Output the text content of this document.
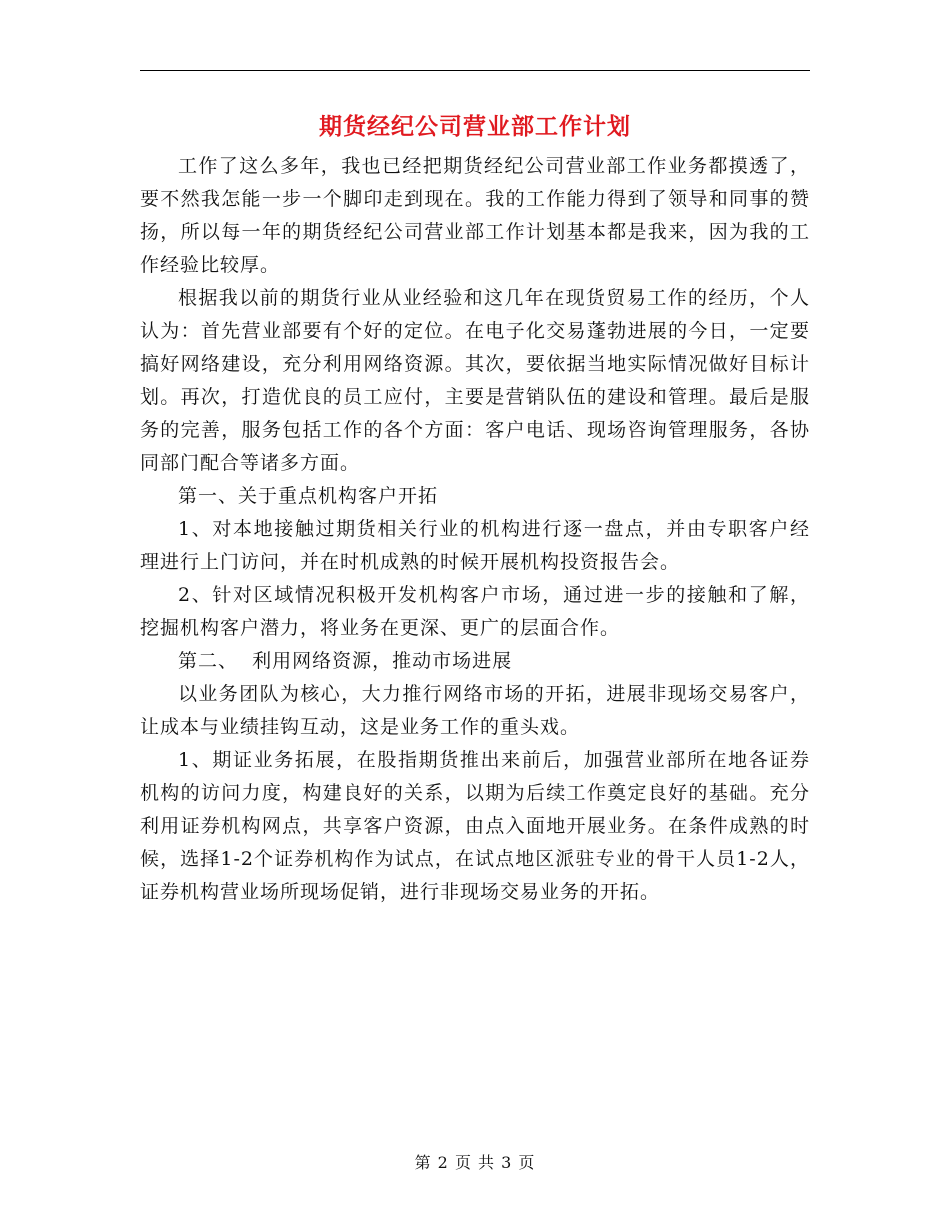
期货经纪公司营业部工作计划

工作了这么多年，我也已经把期货经纪公司营业部工作业务都摸透了，要不然我怎能一步一个脚印走到现在。我的工作能力得到了领导和同事的赞扬，所以每一年的期货经纪公司营业部工作计划基本都是我来，因为我的工作经验比较厚。

根据我以前的期货行业从业经验和这几年在现货贸易工作的经历，个人认为：首先营业部要有个好的定位。在电子化交易蓬勃进展的今日，一定要搞好网络建设，充分利用网络资源。其次，要依据当地实际情况做好目标计划。再次，打造优良的员工应付，主要是营销队伍的建设和管理。最后是服务的完善，服务包括工作的各个方面：客户电话、现场咨询管理服务，各协同部门配合等诸多方面。

第一、关于重点机构客户开拓

1、对本地接触过期货相关行业的机构进行逐一盘点，并由专职客户经理进行上门访问，并在时机成熟的时候开展机构投资报告会。

2、针对区域情况积极开发机构客户市场，通过进一步的接触和了解，挖掘机构客户潜力，将业务在更深、更广的层面合作。

第二、  利用网络资源，推动市场进展

以业务团队为核心，大力推行网络市场的开拓，进展非现场交易客户，让成本与业绩挂钩互动，这是业务工作的重头戏。

1、期证业务拓展，在股指期货推出来前后，加强营业部所在地各证券机构的访问力度，构建良好的关系，以期为后续工作奠定良好的基础。充分利用证券机构网点，共享客户资源，由点入面地开展业务。在条件成熟的时候，选择1-2个证券机构作为试点，在试点地区派驻专业的骨干人员1-2人，证券机构营业场所现场促销，进行非现场交易业务的开拓。

第 2 页 共 3 页
